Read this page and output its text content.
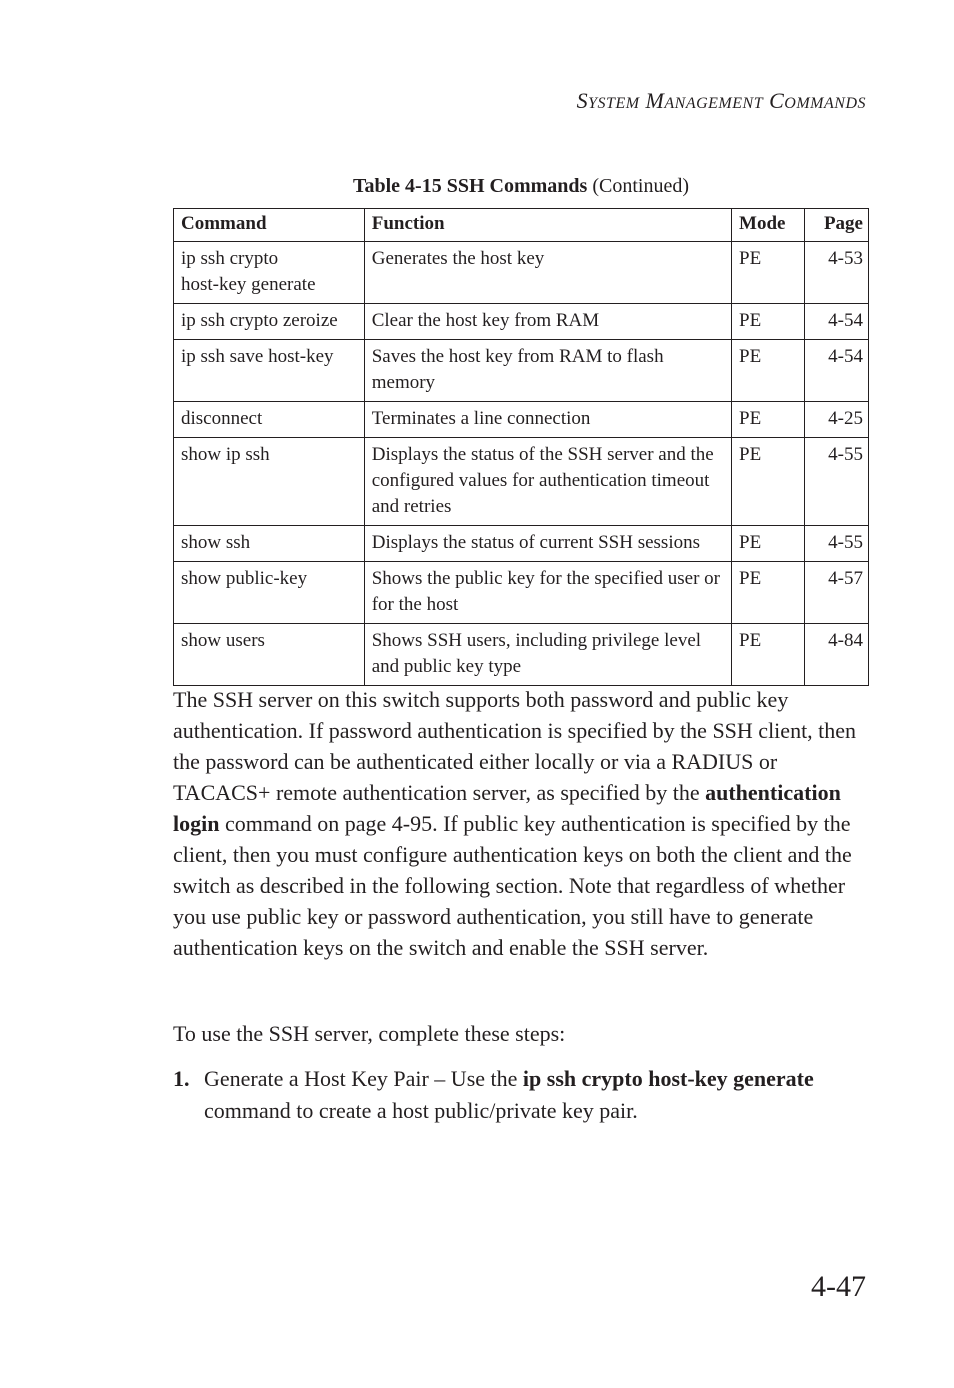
SYSTEM MANAGEMENT COMMANDS
Table 4-15 SSH Commands (Continued)
Command	Function	Mode	Page
ip ssh crypto
host-key generate	Generates the host key	PE	4-53
ip ssh crypto zeroize	Clear the host key from RAM	PE	4-54
ip ssh save host-key	Saves the host key from RAM to flash memory	PE	4-54
disconnect	Terminates a line connection	PE	4-25
show ip ssh	Displays the status of the SSH server and the configured values for authentication timeout and retries	PE	4-55
show ssh	Displays the status of current SSH sessions	PE	4-55
show public-key	Shows the public key for the specified user or for the host	PE	4-57
show users	Shows SSH users, including privilege level and public key type	PE	4-84
The SSH server on this switch supports both password and public key authentication. If password authentication is specified by the SSH client, then the password can be authenticated either locally or via a RADIUS or TACACS+ remote authentication server, as specified by the authentication login command on page 4-95. If public key authentication is specified by the client, then you must configure authentication keys on both the client and the switch as described in the following section. Note that regardless of whether you use public key or password authentication, you still have to generate authentication keys on the switch and enable the SSH server.
To use the SSH server, complete these steps:
1. Generate a Host Key Pair – Use the ip ssh crypto host-key generate command to create a host public/private key pair.
4-47
